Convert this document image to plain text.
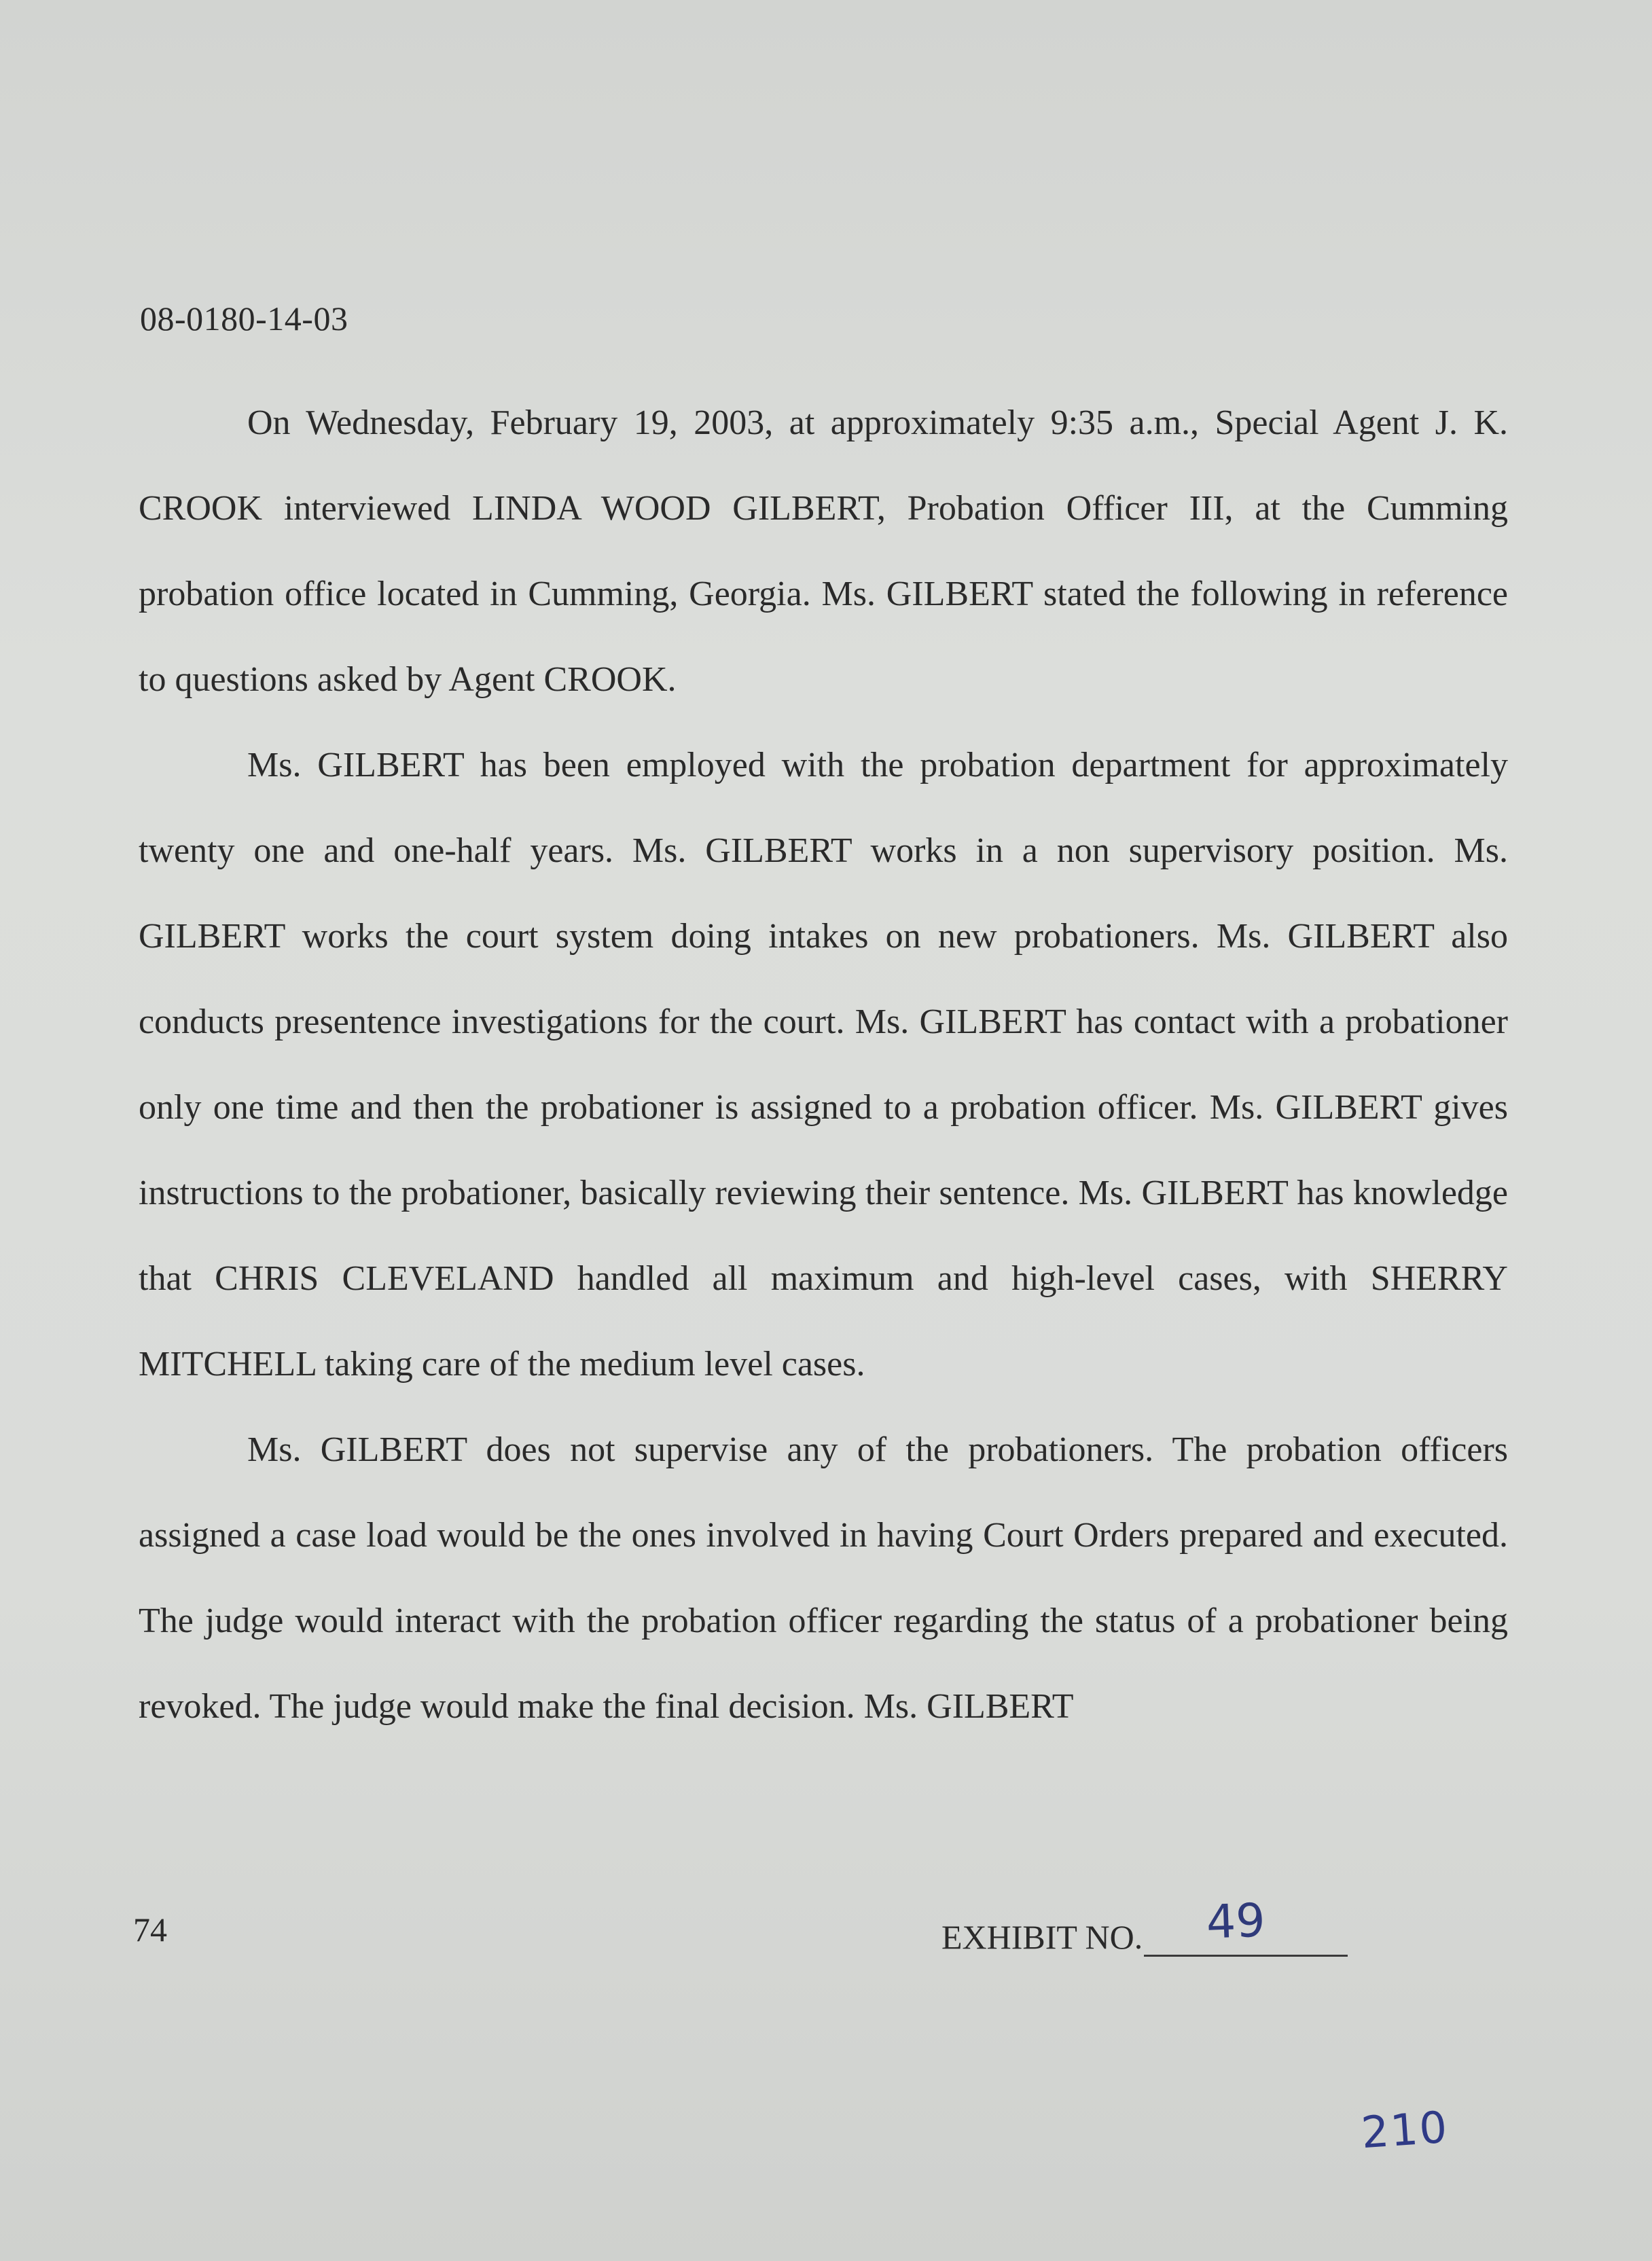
08-0180-14-03

On Wednesday, February 19, 2003, at approximately 9:35 a.m., Special Agent J. K. CROOK interviewed LINDA WOOD GILBERT, Probation Officer III, at the Cumming probation office located in Cumming, Georgia. Ms. GILBERT stated the following in reference to questions asked by Agent CROOK.

Ms. GILBERT has been employed with the probation department for approximately twenty one and one-half years. Ms. GILBERT works in a non supervisory position. Ms. GILBERT works the court system doing intakes on new probationers. Ms. GILBERT also conducts presentence investigations for the court. Ms. GILBERT has contact with a probationer only one time and then the probationer is assigned to a probation officer. Ms. GILBERT gives instructions to the probationer, basically reviewing their sentence. Ms. GILBERT has knowledge that CHRIS CLEVELAND handled all maximum and high-level cases, with SHERRY MITCHELL taking care of the medium level cases.

Ms. GILBERT does not supervise any of the probationers. The probation officers assigned a case load would be the ones involved in having Court Orders prepared and executed. The judge would interact with the probation officer regarding the status of a probationer being revoked. The judge would make the final decision. Ms. GILBERT

74	EXHIBIT NO. 49
210
